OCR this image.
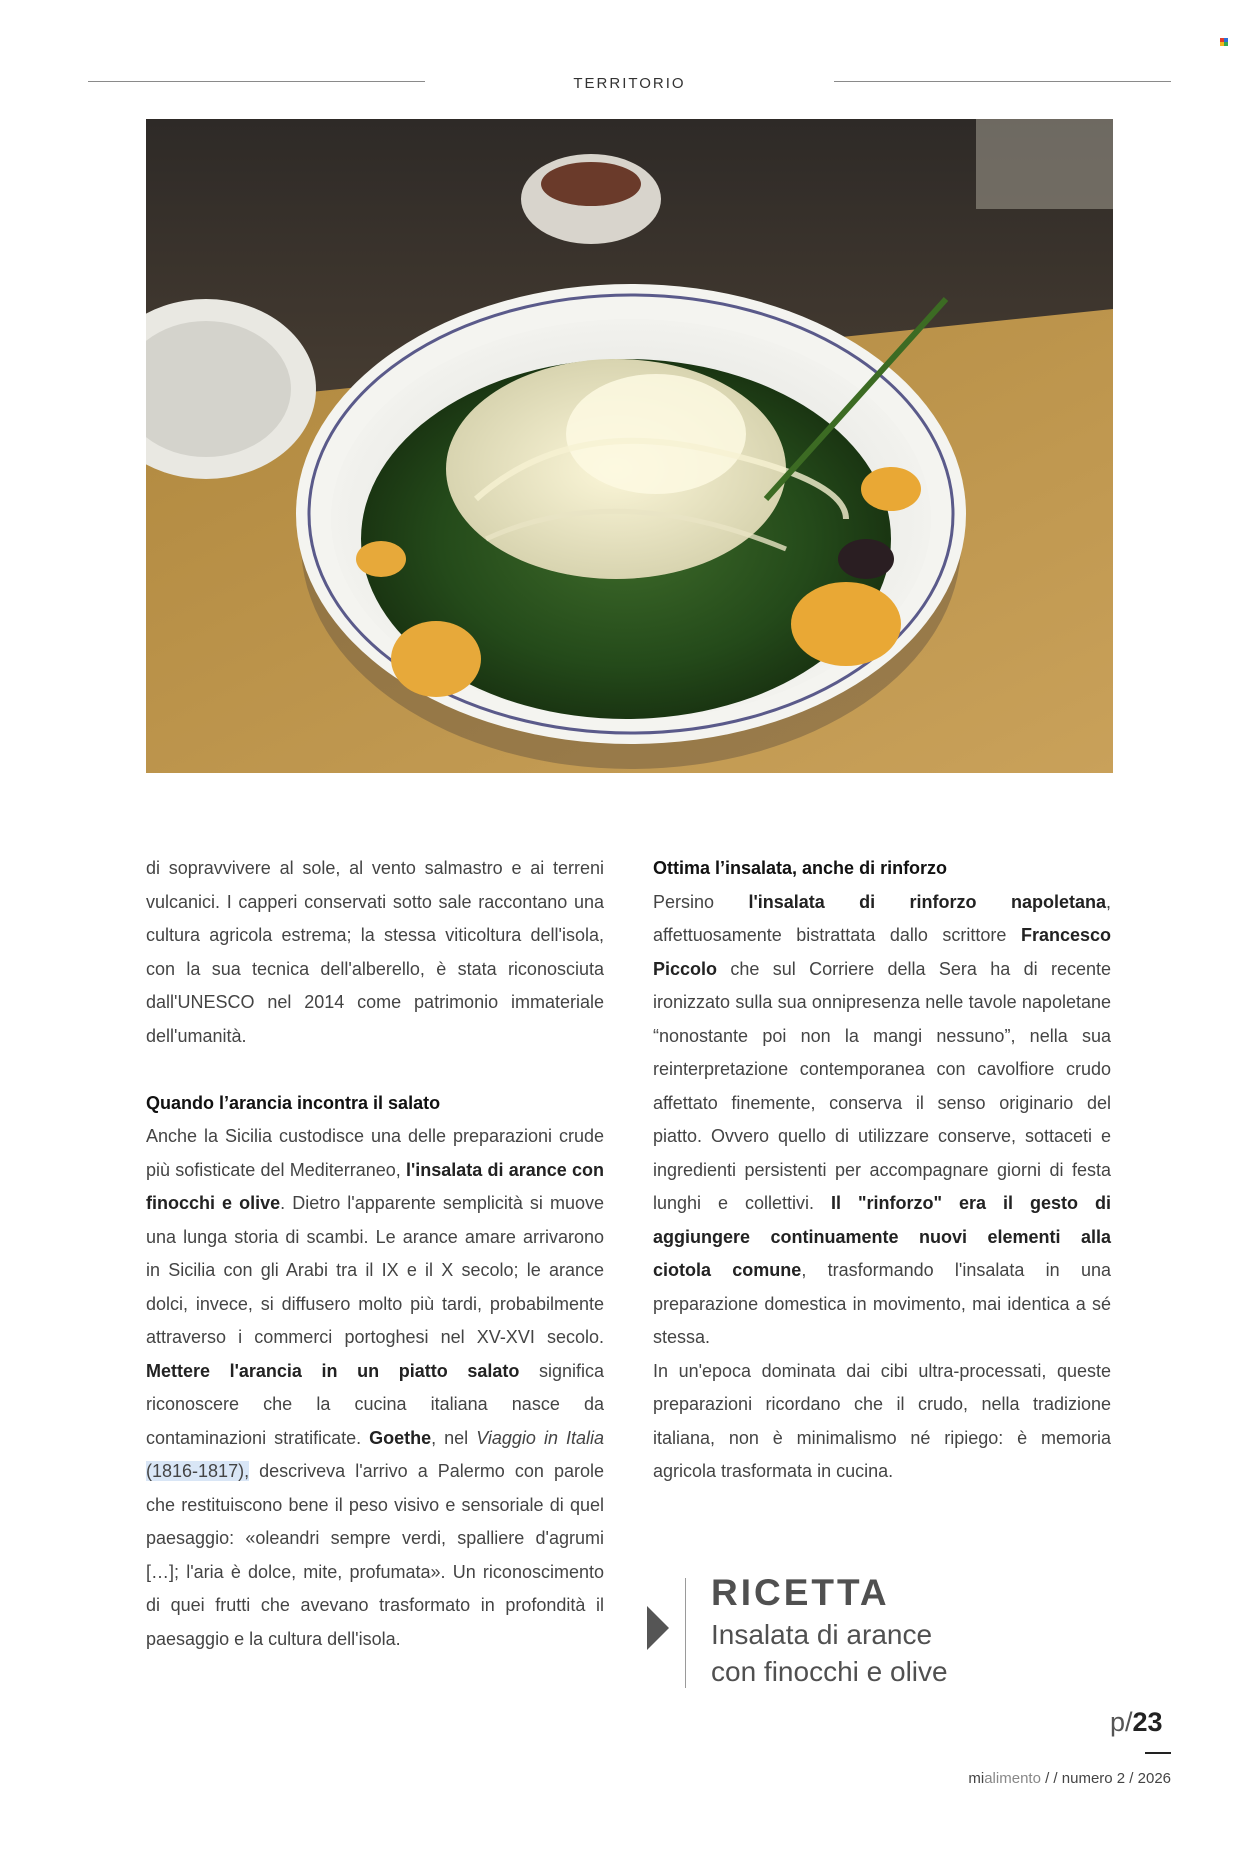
TERRITORIO

di sopravvivere al sole, al vento salmastro e ai terreni vulcanici. I capperi conservati sotto sale raccontano una cultura agricola estrema; la stessa viticoltura dell'isola, con la sua tecnica dell'alberello, è stata riconosciuta dall'UNESCO nel 2014 come patrimonio immateriale dell'umanità.

Quando l’arancia incontra il salato

Anche la Sicilia custodisce una delle preparazioni crude più sofisticate del Mediterraneo, l'insalata di arance con finocchi e olive. Dietro l'apparente semplicità si muove una lunga storia di scambi. Le arance amare arrivarono in Sicilia con gli Arabi tra il IX e il X secolo; le arance dolci, invece, si diffusero molto più tardi, probabilmente attraverso i commerci portoghesi nel XV-XVI secolo. Mettere l'arancia in un piatto salato significa riconoscere che la cucina italiana nasce da contaminazioni stratificate. Goethe, nel Viaggio in Italia (1816-1817), descriveva l'arrivo a Palermo con parole che restituiscono bene il peso visivo e sensoriale di quel paesaggio: «oleandri sempre verdi, spalliere d'agrumi […]; l'aria è dolce, mite, profumata». Un riconoscimento di quei frutti che avevano trasformato in profondità il paesaggio e la cultura dell'isola.

Ottima l’insalata, anche di rinforzo

Persino l'insalata di rinforzo napoletana, affettuosamente bistrattata dallo scrittore Francesco Piccolo che sul Corriere della Sera ha di recente ironizzato sulla sua onnipresenza nelle tavole napoletane “nonostante poi non la mangi nessuno”, nella sua reinterpretazione contemporanea con cavolfiore crudo affettato finemente, conserva il senso originario del piatto. Ovvero quello di utilizzare conserve, sottaceti e ingredienti persistenti per accompagnare giorni di festa lunghi e collettivi. Il "rinforzo" era il gesto di aggiungere continuamente nuovi elementi alla ciotola comune, trasformando l'insalata in una preparazione domestica in movimento, mai identica a sé stessa.

In un'epoca dominata dai cibi ultra-processati, queste preparazioni ricordano che il crudo, nella tradizione italiana, non è minimalismo né ripiego: è memoria agricola trasformata in cucina.

RICETTA
Insalata di arance
con finocchi e olive
p/23
mialimento / / numero 2 / 2026
